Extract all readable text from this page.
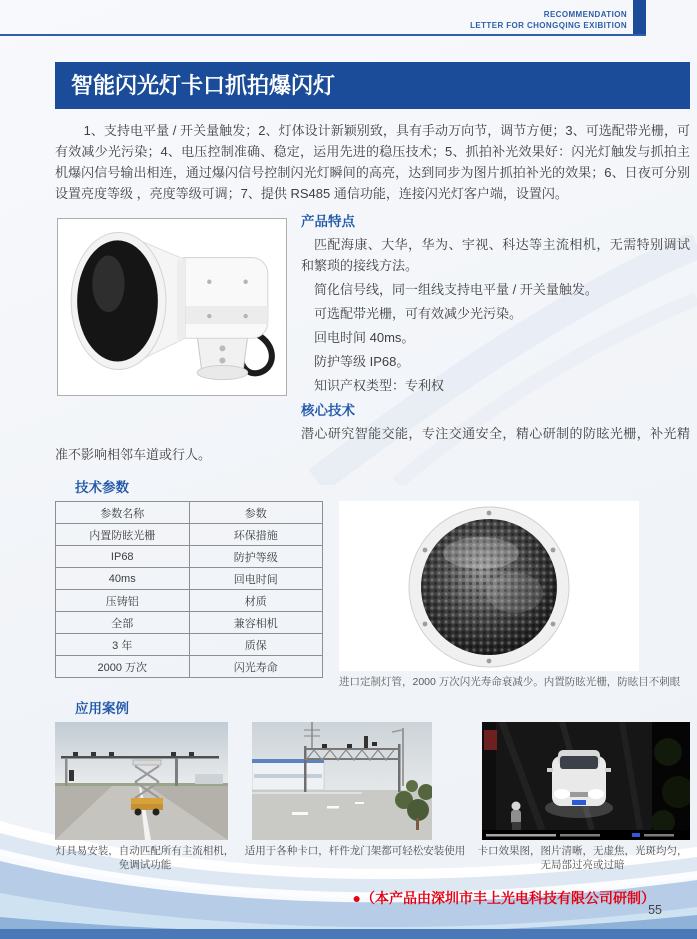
RECOMMENDATION
LETTER FOR CHONGQING EXIBITION
智能闪光灯卡口抓拍爆闪灯

1、支持电平量 / 开关量触发；2、灯体设计新颖别致，具有手动万向节，调节方便；3、可选配带光栅，可有效减少光污染；4、电压控制准确、稳定，运用先进的稳压技术；5、抓拍补光效果好：闪光灯触发与抓拍主机爆闪信号输出相连，通过爆闪信号控制闪光灯瞬间的高亮，达到同步为图片抓拍补光的效果；6、日夜可分别设置亮度等级 ，亮度等级可调；7、提供 RS485 通信功能，连接闪光灯客户端，设置闪。

产品特点

匹配海康、大华，华为、宇视、科达等主流相机，无需特别调试和繁琐的接线方法。

简化信号线，同一组线支持电平量 / 开关量触发。

可选配带光栅，可有效减少光污染。

回电时间 40ms。

防护等级 IP68。

知识产权类型：专利权

核心技术

潜心研究智能交能，专注交通安全，精心研制的防眩光栅，补光精准不影响相邻车道或行人。

技术参数
参数名称	参数
内置防眩光栅	环保措施
IP68	防护等级
40ms	回电时间
压铸铝	材质
全部	兼容相机
3 年	质保
2000 万次	闪光寿命

进口定制灯管，2000 万次闪光寿命衰减少。内置防眩光栅，防眩目不刺眼

应用案例
灯具易安装，自动匹配所有主流相机，免调试功能
适用于各种卡口，杆件龙门架都可轻松安装使用	卡口效果图，图片清晰，无虚焦，光斑均匀，无局部过亮或过暗

●（本产品由深圳市丰上光电科技有限公司研制）

55
